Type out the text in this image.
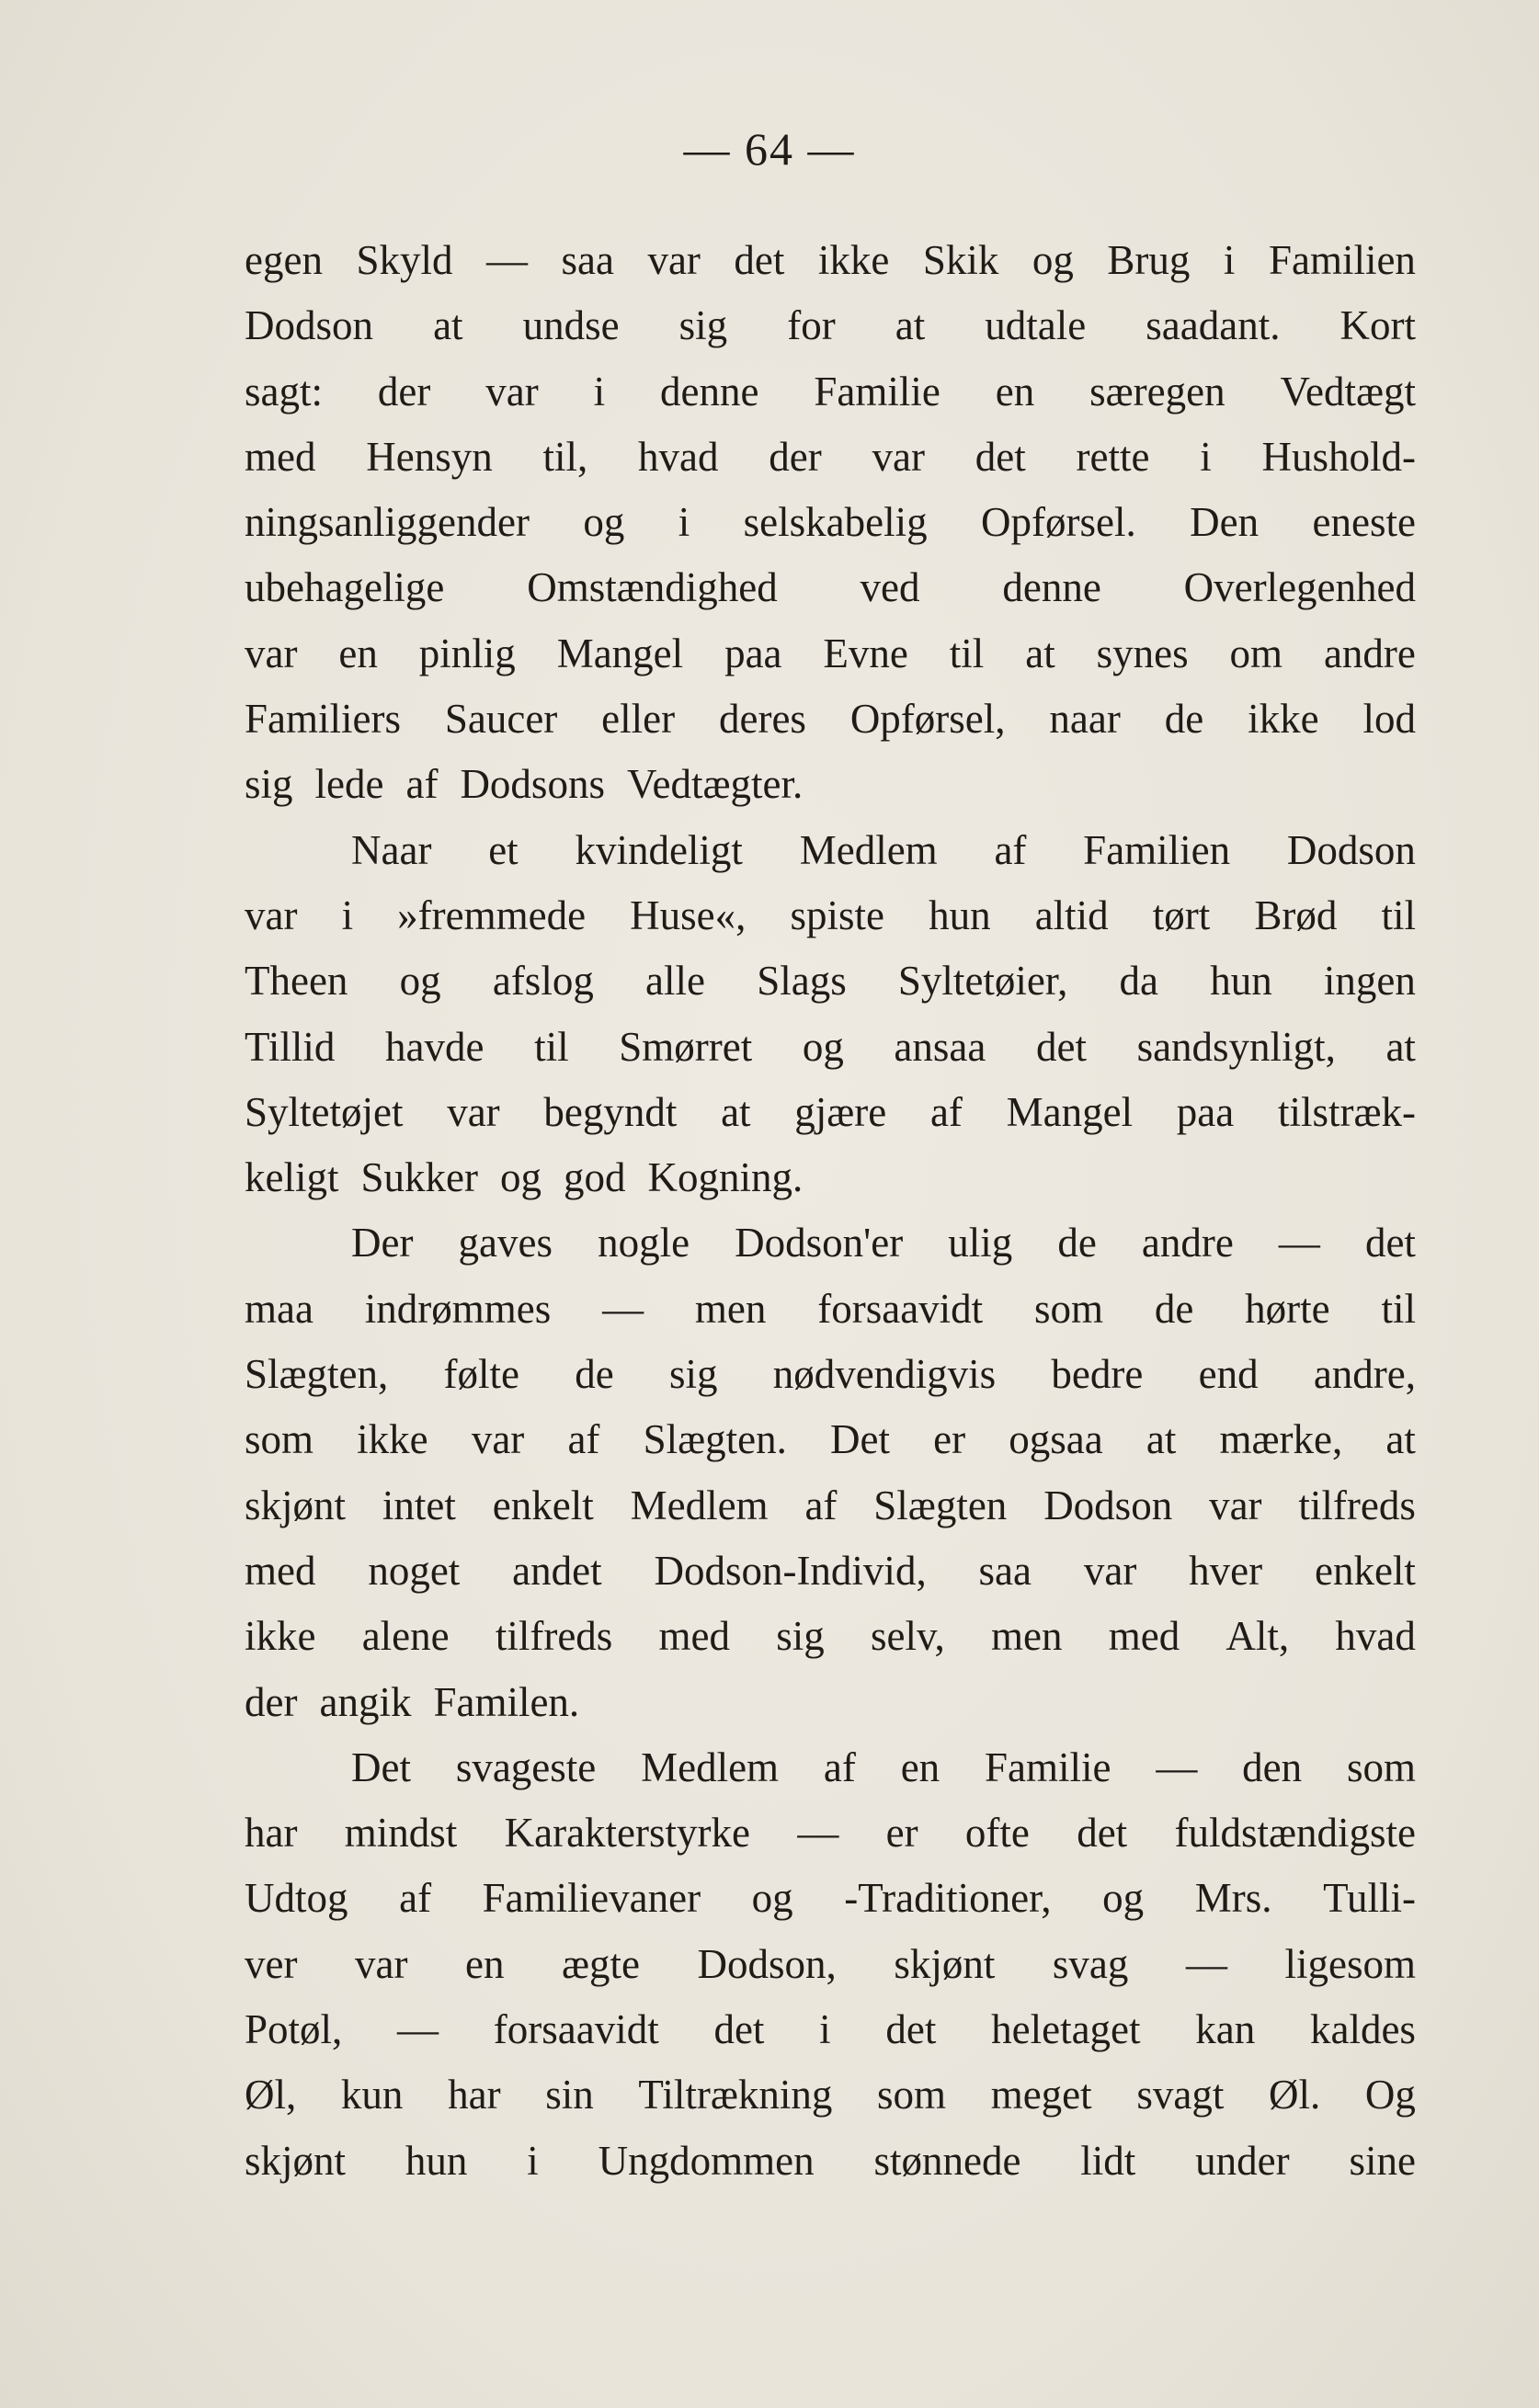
— 64 —
egen Skyld — saa var det ikke Skik og Brug i Familien
Dodson at undse sig for at udtale saadant. Kort
sagt: der var i denne Familie en særegen Vedtægt
med Hensyn til, hvad der var det rette i Hushold-
ningsanliggender og i selskabelig Opførsel. Den eneste
ubehagelige Omstændighed ved denne Overlegenhed
var en pinlig Mangel paa Evne til at synes om andre
Familiers Saucer eller deres Opførsel, naar de ikke lod
sig lede af Dodsons Vedtægter.
Naar et kvindeligt Medlem af Familien Dodson
var i »fremmede Huse«, spiste hun altid tørt Brød til
Theen og afslog alle Slags Syltetøier, da hun ingen
Tillid havde til Smørret og ansaa det sandsynligt, at
Syltetøjet var begyndt at gjære af Mangel paa tilstræk-
keligt Sukker og god Kogning.
Der gaves nogle Dodson'er ulig de andre — det
maa indrømmes — men forsaavidt som de hørte til
Slægten, følte de sig nødvendigvis bedre end andre,
som ikke var af Slægten. Det er ogsaa at mærke, at
skjønt intet enkelt Medlem af Slægten Dodson var tilfreds
med noget andet Dodson-Individ, saa var hver enkelt
ikke alene tilfreds med sig selv, men med Alt, hvad
der angik Familen.
Det svageste Medlem af en Familie — den som
har mindst Karakterstyrke — er ofte det fuldstændigste
Udtog af Familievaner og -Traditioner, og Mrs. Tulli-
ver var en ægte Dodson, skjønt svag — ligesom
Potøl, — forsaavidt det i det heletaget kan kaldes
Øl, kun har sin Tiltrækning som meget svagt Øl. Og
skjønt hun i Ungdommen stønnede lidt under sine
